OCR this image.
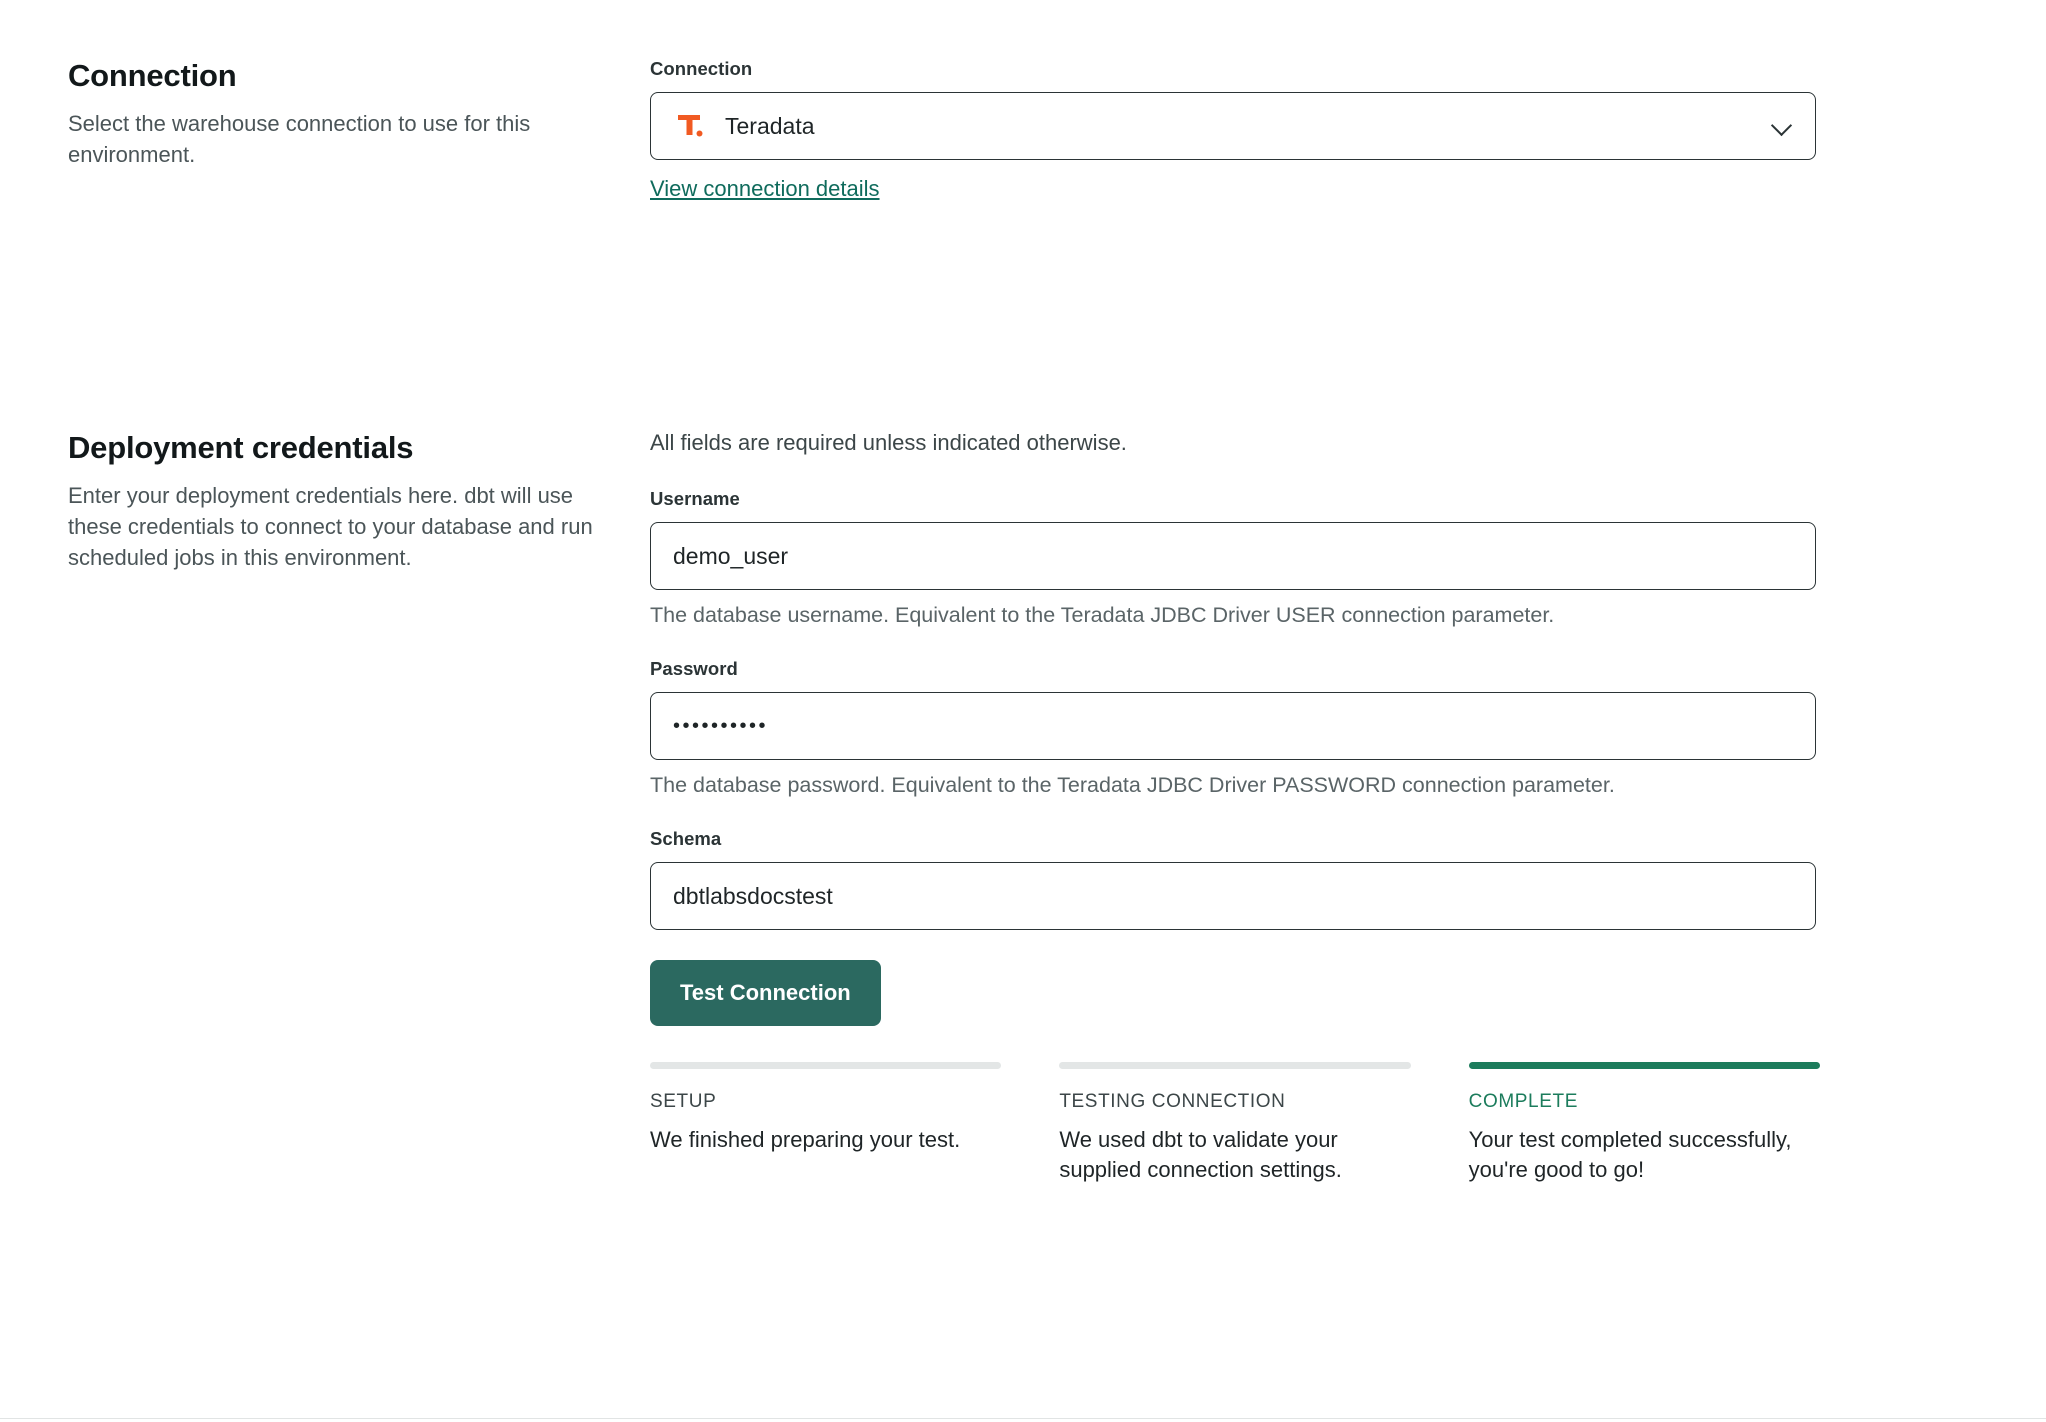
Connection

Select the warehouse connection to use for this environment.

Connection
Teradata
View connection details
Deployment credentials

Enter your deployment credentials here. dbt will use these credentials to connect to your database and run scheduled jobs in this environment.

All fields are required unless indicated otherwise.
Username
demo_user
The database username. Equivalent to the Teradata JDBC Driver USER connection parameter.
Password
••••••••••
The database password. Equivalent to the Teradata JDBC Driver PASSWORD connection parameter.
Schema
dbtlabsdocstest
Test Connection
SETUP
We finished preparing your test.
TESTING CONNECTION
We used dbt to validate your supplied connection settings.
COMPLETE
Your test completed successfully, you're good to go!
